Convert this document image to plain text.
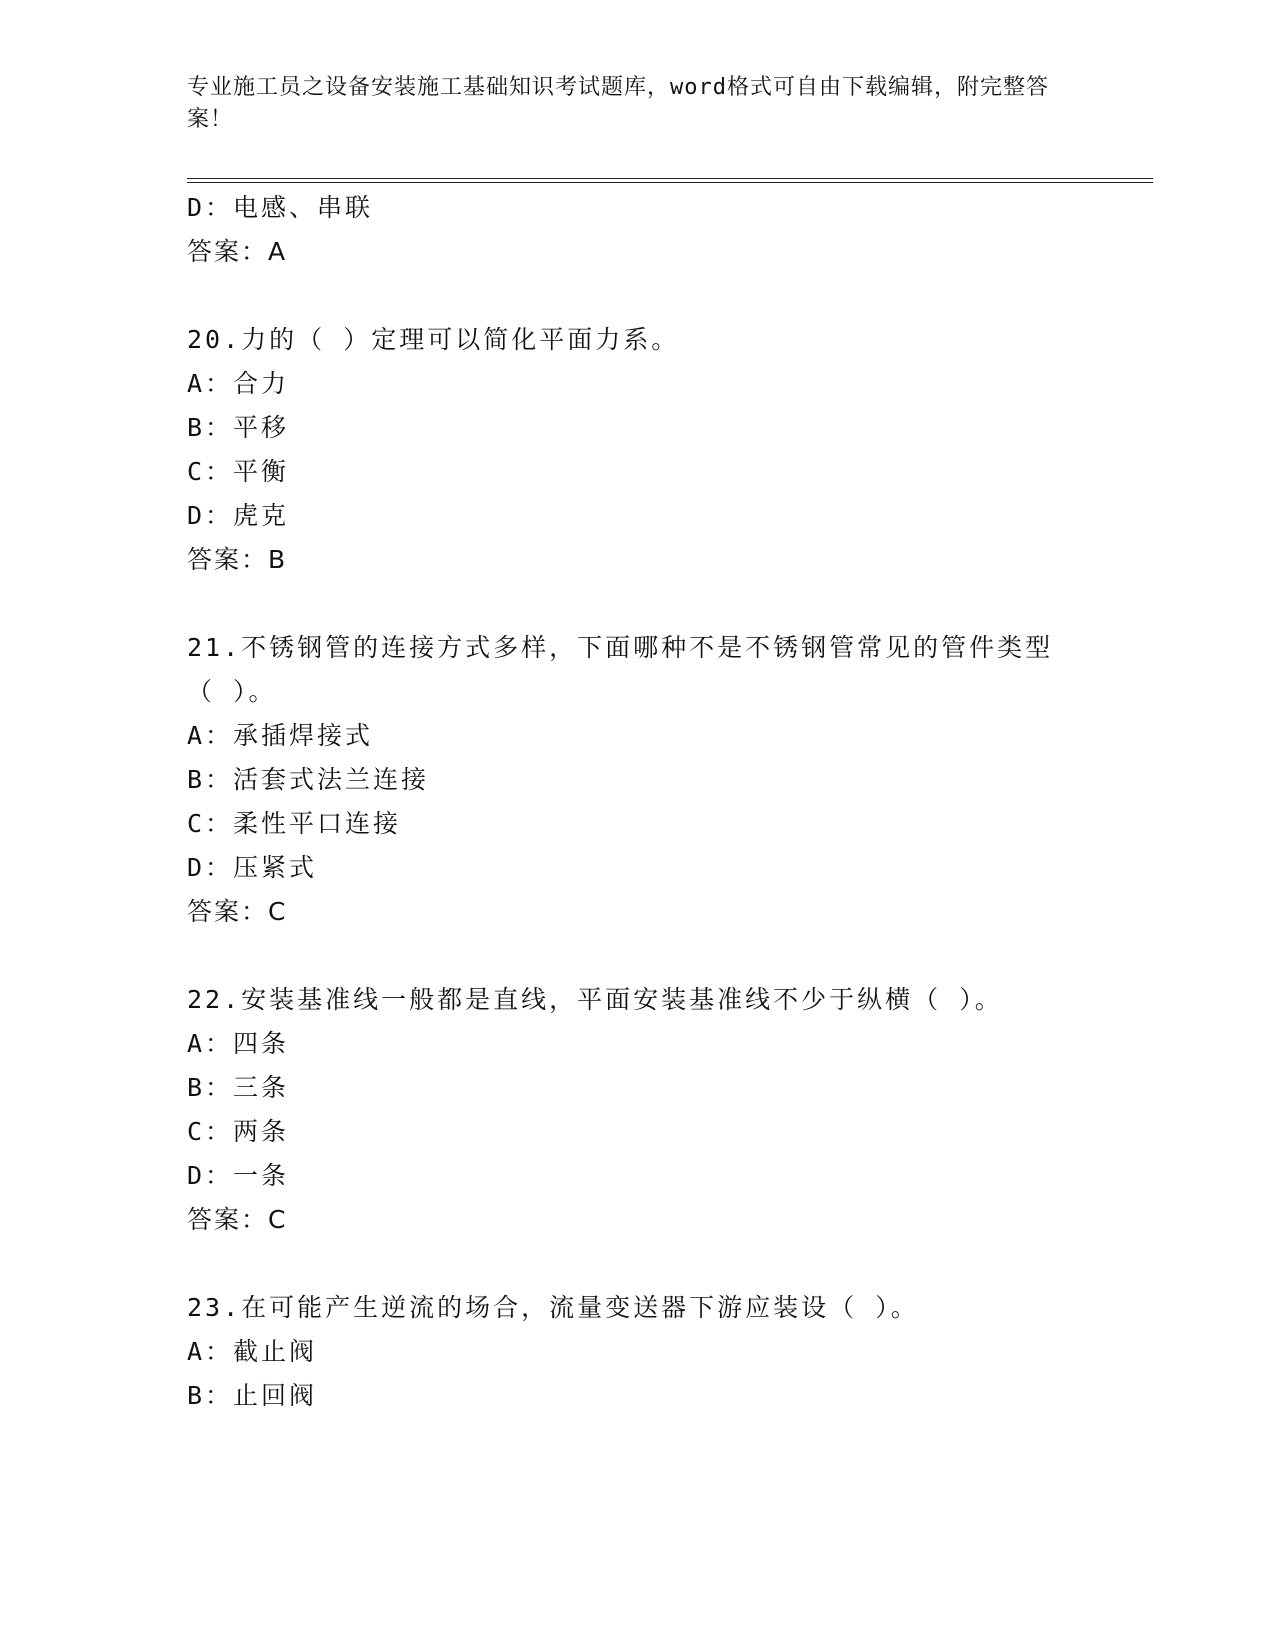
专业施工员之设备安装施工基础知识考试题库，word格式可自由下载编辑，附完整答案！
D：电感、串联
答案：A
20.力的（ ）定理可以简化平面力系。
A：合力
B：平移
C：平衡
D：虎克
答案：B
21.不锈钢管的连接方式多样，下面哪种不是不锈钢管常见的管件类型
（ ）。
A：承插焊接式
B：活套式法兰连接
C：柔性平口连接
D：压紧式
答案：C
22.安装基准线一般都是直线，平面安装基准线不少于纵横（ ）。
A：四条
B：三条
C：两条
D：一条
答案：C
23.在可能产生逆流的场合，流量变送器下游应装设（ ）。
A：截止阀
B：止回阀
